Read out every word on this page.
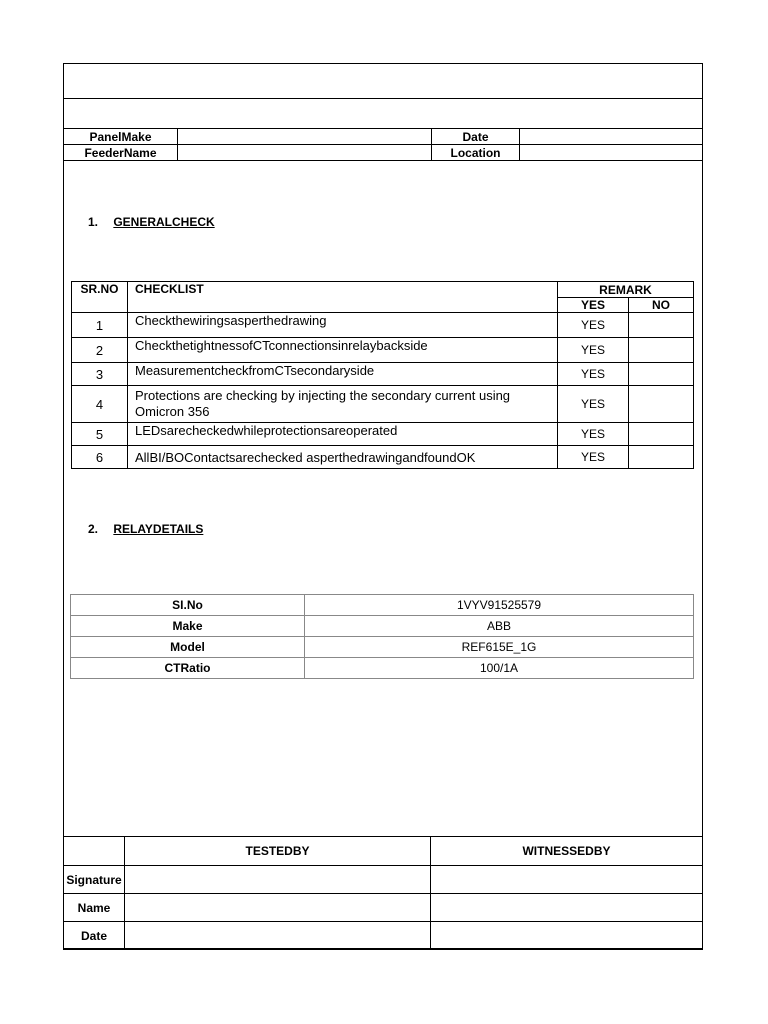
PanelMake		Date	
FeederName		Location	
1. GENERALCHECK
SR.NO	CHECKLIST	REMARK	
		YES	NO
1	Checkthewiringsasperthedrawing	YES	
2	CheckthetightnessofCTconnectionsinrelaybackside	YES	
3	MeasurementcheckfromCTsecondaryside	YES	
4	Protections are checking by injecting the secondary current using Omicron 356	YES	
5	LEDsarecheckedwhileprotectionsareoperated	YES	
6	AllBI/BOContactsarechecked asperthedrawingandfoundOK	YES	
2. RELAYDETAILS
SI.No	1VYV91525579
Make	ABB
Model	REF615E_1G
CTRatio	100/1A
	TESTEDBY	WITNESSEDBY
Signature		
Name		
Date		
